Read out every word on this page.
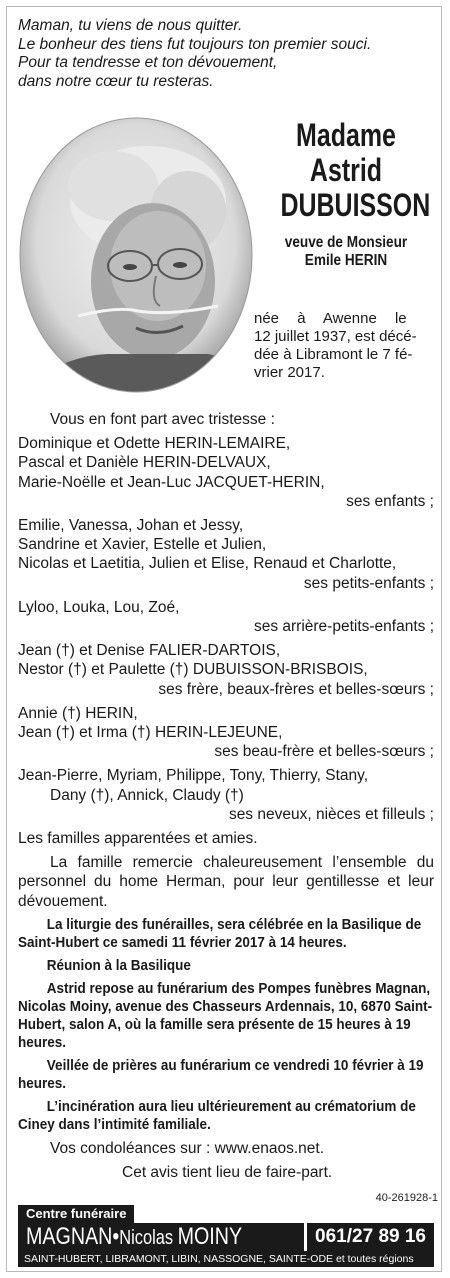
Maman, tu viens de nous quitter.
Le bonheur des tiens fut toujours ton premier souci.
Pour ta tendresse et ton dévouement,
dans notre cœur tu resteras.
Madame
Astrid
DUBUISSON
veuve de Monsieur
Emile HERIN
née à Awenne le
12 juillet 1937, est décé-
dée à Libramont le 7 fé-
vrier 2017.
Vous en font part avec tristesse :
Dominique et Odette HERIN-LEMAIRE,
Pascal et Danièle HERIN-DELVAUX,
Marie-Noëlle et Jean-Luc JACQUET-HERIN,
ses enfants ;
Emilie, Vanessa, Johan et Jessy,
Sandrine et Xavier, Estelle et Julien,
Nicolas et Laetitia, Julien et Elise, Renaud et Charlotte,
ses petits-enfants ;
Lyloo, Louka, Lou, Zoé,
ses arrière-petits-enfants ;
Jean (†) et Denise FALIER-DARTOIS,
Nestor (†) et Paulette (†) DUBUISSON-BRISBOIS,
ses frère, beaux-frères et belles-sœurs ;
Annie (†) HERIN,
Jean (†) et Irma (†) HERIN-LEJEUNE,
ses beau-frère et belles-sœurs ;
Jean-Pierre, Myriam, Philippe, Tony, Thierry, Stany,
Dany (†), Annick, Claudy (†)
ses neveux, nièces et filleuls ;
Les familles apparentées et amies.
La famille remercie chaleureusement l’ensemble du personnel du home Herman, pour leur gentillesse et leur dévouement.
La liturgie des funérailles, sera célébrée en la Basilique de Saint-Hubert ce samedi 11 février 2017 à 14 heures.
Réunion à la Basilique
Astrid repose au funérarium des Pompes funèbres Magnan, Nicolas Moiny, avenue des Chasseurs Ardennais, 10, 6870 Saint-Hubert, salon A, où la famille sera présente de 15 heures à 19 heures.
Veillée de prières au funérarium ce vendredi 10 février à 19 heures.
L’incinération aura lieu ultérieurement au crématorium de Ciney dans l’intimité familiale.
Vos condoléances sur : www.enaos.net.
Cet avis tient lieu de faire-part.
40-261928-1
Centre funéraire
MAGNAN•Nicolas MOINY	061/27 89 16
SAINT-HUBERT, LIBRAMONT, LIBIN, NASSOGNE, SAINTE-ODE et toutes régions
